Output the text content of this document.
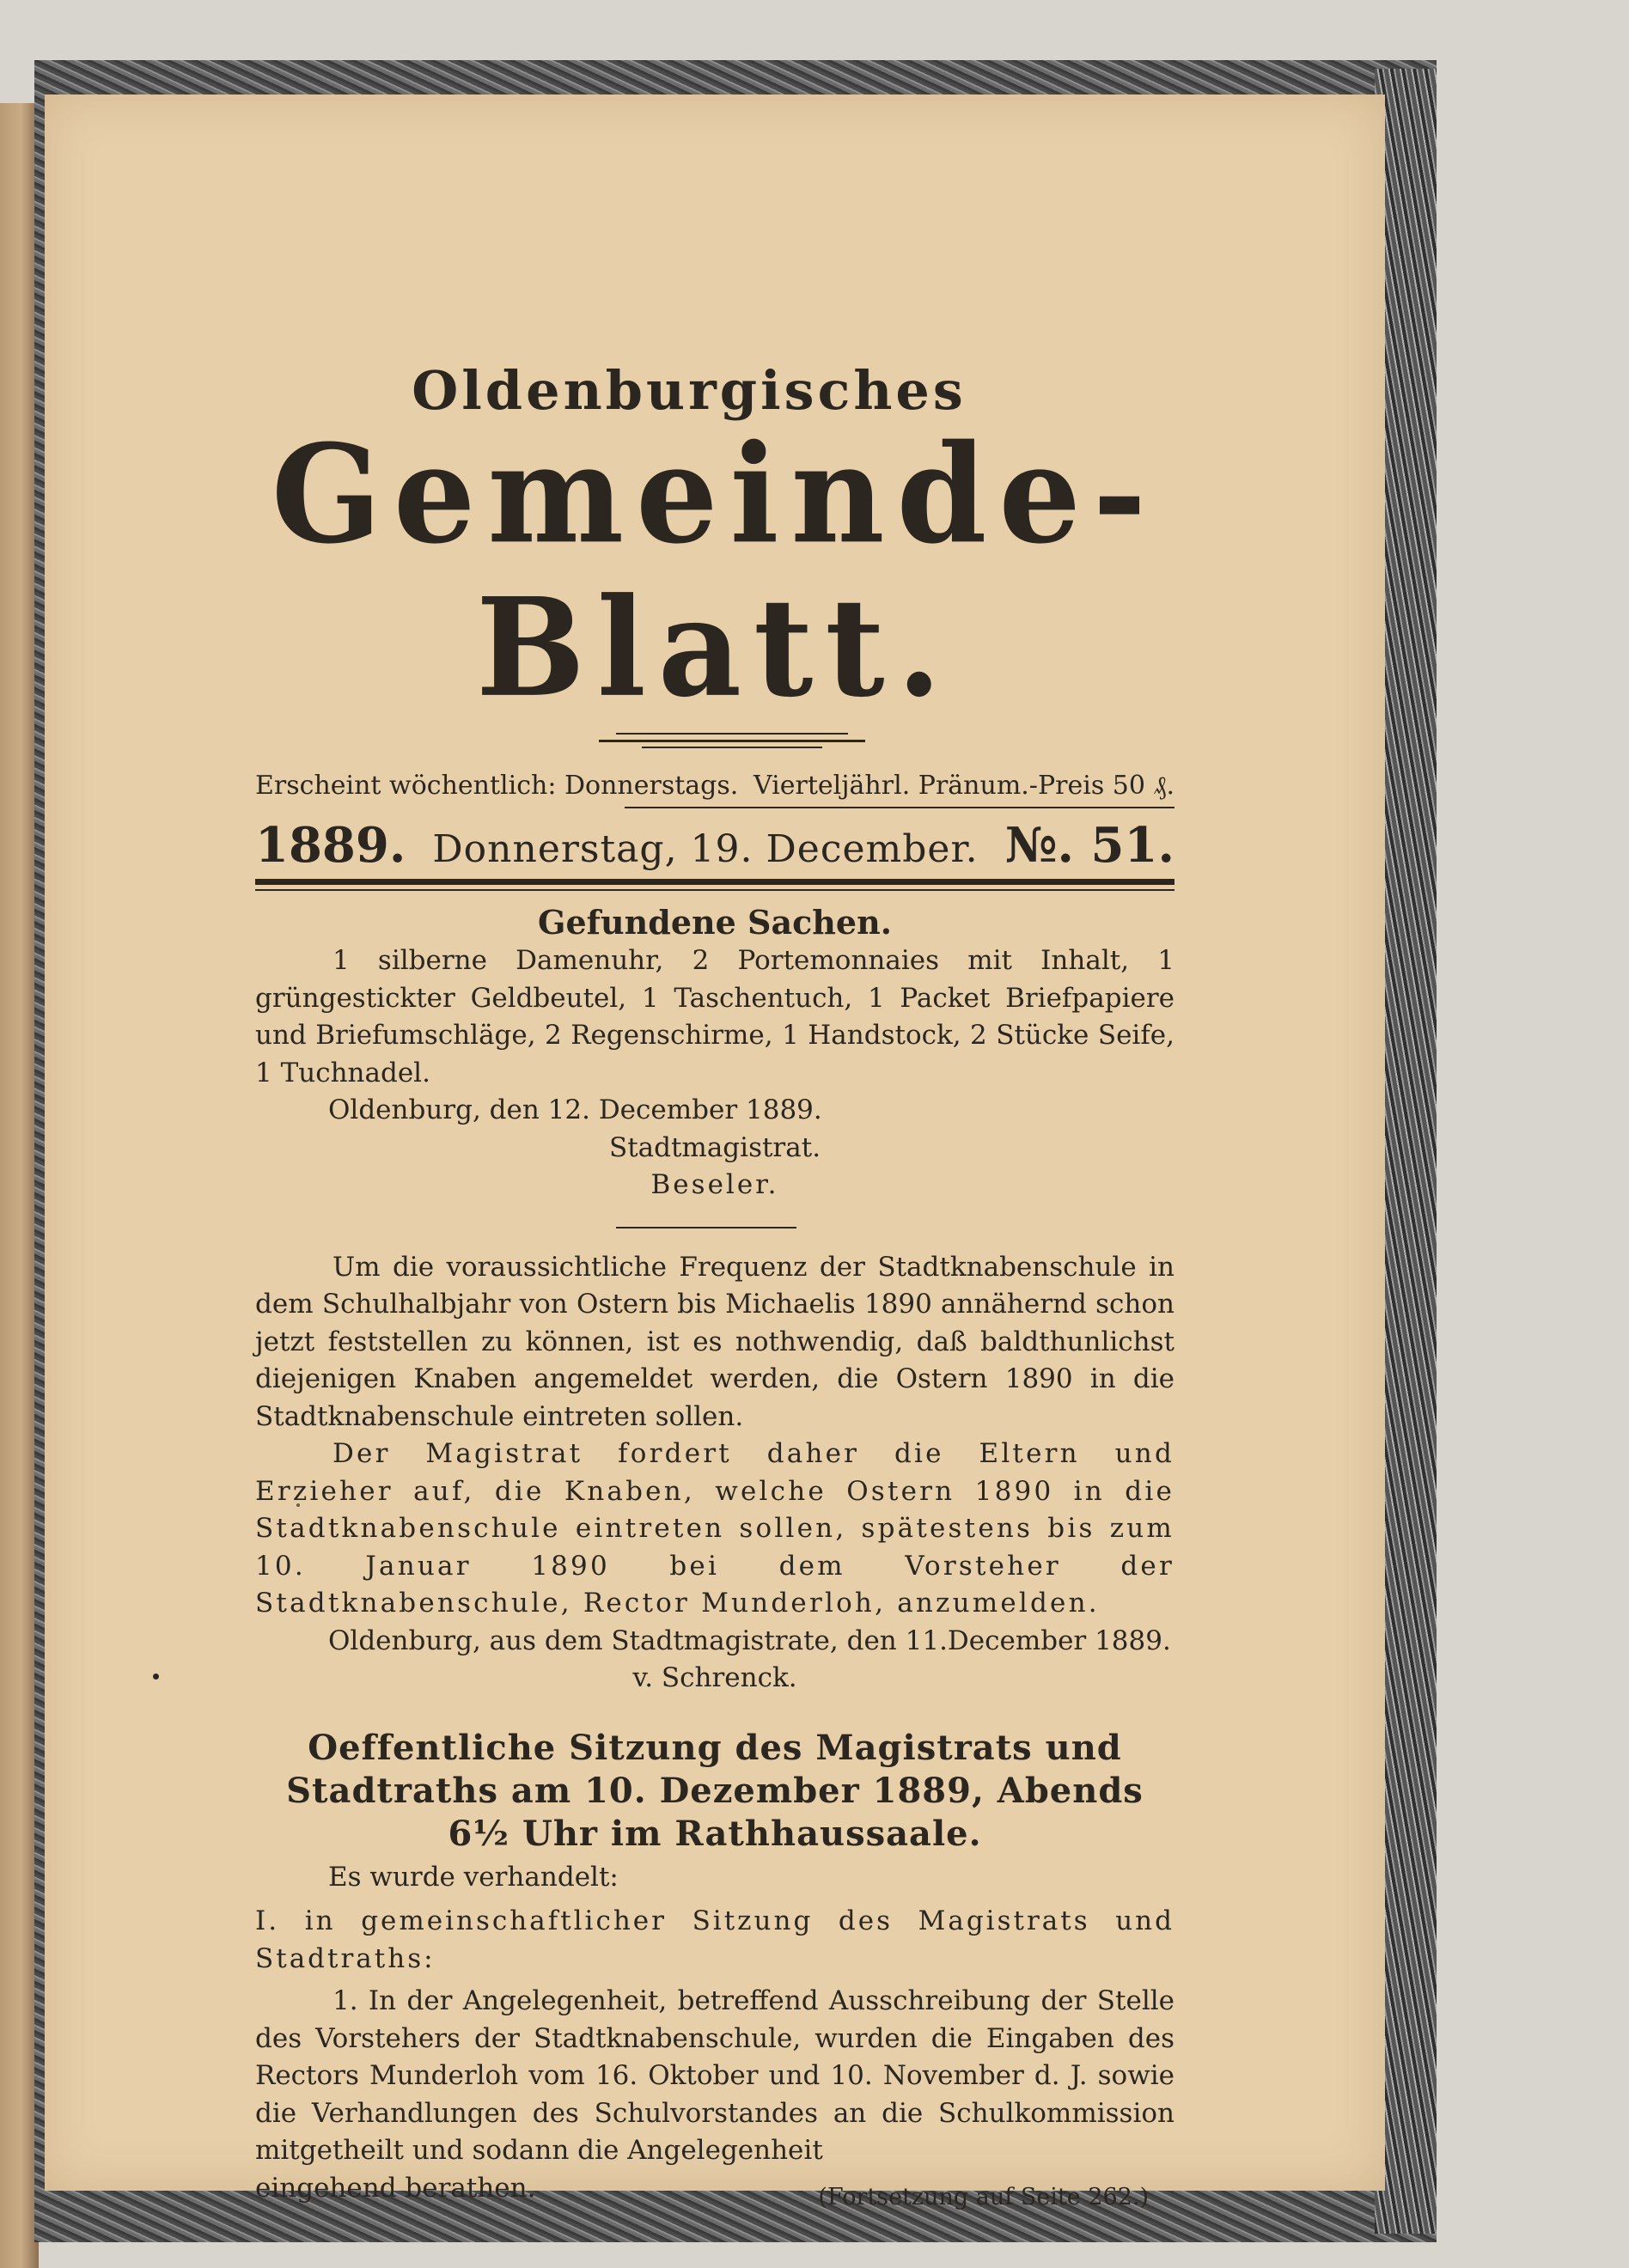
Oldenburgisches
Gemeinde-Blatt.
Erscheint wöchentlich: Donnerstags. Vierteljährl. Pränum.-Preis 50 ₰.
1889. Donnerstag, 19. December. №. 51.
Gefundene Sachen.

1 silberne Damenuhr, 2 Portemonnaies mit Inhalt, 1 grüngestickter Geldbeutel, 1 Taschentuch, 1 Packet Briefpapiere und Briefumschläge, 2 Regenschirme, 1 Handstock, 2 Stücke Seife, 1 Tuchnadel.

Oldenburg, den 12. December 1889.

Stadtmagistrat.

Beseler.

Um die voraussichtliche Frequenz der Stadtknabenschule in dem Schulhalbjahr von Ostern bis Michaelis 1890 annähernd schon jetzt feststellen zu können, ist es nothwendig, daß baldthunlichst diejenigen Knaben angemeldet werden, die Ostern 1890 in die Stadtknabenschule eintreten sollen.

Der Magistrat fordert daher die Eltern und Erzieher auf, die Knaben, welche Ostern 1890 in die Stadtknabenschule eintreten sollen, spätestens bis zum 10. Januar 1890 bei dem Vorsteher der Stadtknabenschule, Rector Munderloh, anzumelden.

Oldenburg, aus dem Stadtmagistrate, den 11.December 1889.

v. Schrenck.

Oeffentliche Sitzung des Magistrats und Stadtraths am 10. Dezember 1889, Abends 6½ Uhr im Rathhaussaale.

Es wurde verhandelt:

I. in gemeinschaftlicher Sitzung des Magistrats und Stadtraths:

1. In der Angelegenheit, betreffend Ausschreibung der Stelle des Vorstehers der Stadtknabenschule, wurden die Eingaben des Rectors Munderloh vom 16. Oktober und 10. November d. J. sowie die Verhandlungen des Schulvorstandes an die Schulkommission mitgetheilt und sodann die Angelegenheit

eingehend berathen.	(Fortsetzung auf Seite 262.)
